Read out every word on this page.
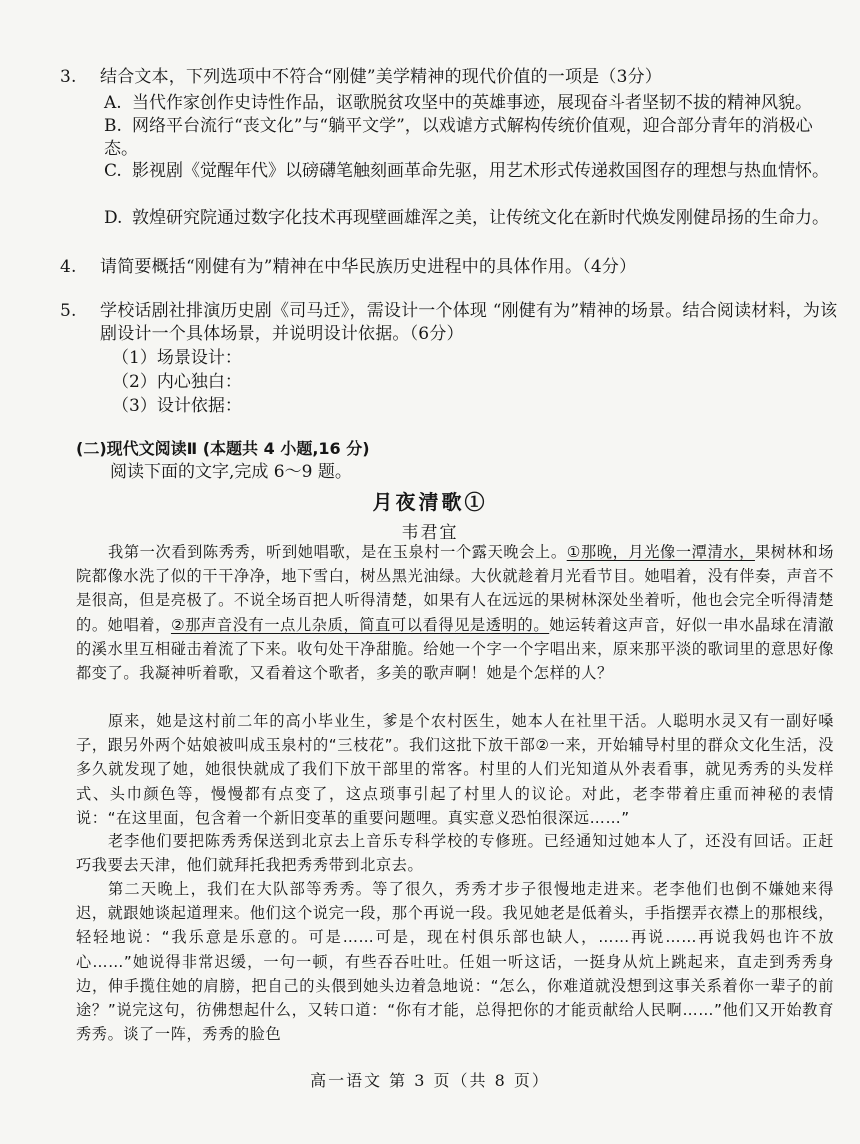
3. 结合文本，下列选项中不符合“刚健”美学精神的现代价值的一项是（3分）
A. 当代作家创作史诗性作品，讴歌脱贫攻坚中的英雄事迹，展现奋斗者坚韧不拔的精神风貌。
B. 网络平台流行“丧文化”与“躺平文学”，以戏谑方式解构传统价值观，迎合部分青年的消极心态。
C. 影视剧《觉醒年代》以磅礴笔触刻画革命先驱，用艺术形式传递救国图存的理想与热血情怀。
D. 敦煌研究院通过数字化技术再现壁画雄浑之美，让传统文化在新时代焕发刚健昂扬的生命力。
4. 请简要概括“刚健有为”精神在中华民族历史进程中的具体作用。（4分）
5. 学校话剧社排演历史剧《司马迁》，需设计一个体现 “刚健有为”精神的场景。结合阅读材料，为该剧设计一个具体场景，并说明设计依据。（6分）
（1）场景设计：
（2）内心独白：
（3）设计依据：
(二)现代文阅读Ⅱ (本题共 4 小题,16 分)
阅读下面的文字,完成 6～9 题。
月夜清歌①
韦君宜
我第一次看到陈秀秀，听到她唱歌，是在玉泉村一个露天晚会上。①那晚，月光像一潭清水，果树林和场院都像水洗了似的干干净净，地下雪白，树丛黑光油绿。大伙就趁着月光看节目。她唱着，没有伴奏，声音不是很高，但是亮极了。不说全场百把人听得清楚，如果有人在远远的果树林深处坐着听，他也会完全听得清楚的。她唱着，②那声音没有一点儿杂质，简直可以看得见是透明的。她运转着这声音，好似一串水晶球在清澈的溪水里互相碰击着流了下来。收句处干净甜脆。给她一个字一个字唱出来，原来那平淡的歌词里的意思好像都变了。我凝神听着歌，又看着这个歌者，多美的歌声啊！她是个怎样的人？
原来，她是这村前二年的高小毕业生，爹是个农村医生，她本人在社里干活。人聪明水灵又有一副好嗓子，跟另外两个姑娘被叫成玉泉村的“三枝花”。我们这批下放干部②一来，开始辅导村里的群众文化生活，没多久就发现了她，她很快就成了我们下放干部里的常客。村里的人们光知道从外表看事，就见秀秀的头发样式、头巾颜色等，慢慢都有点变了，这点琐事引起了村里人的议论。对此，老李带着庄重而神秘的表情说：“在这里面，包含着一个新旧变革的重要问题哩。真实意义恐怕很深远……”
老李他们要把陈秀秀保送到北京去上音乐专科学校的专修班。已经通知过她本人了，还没有回话。正赶巧我要去天津，他们就拜托我把秀秀带到北京去。
第二天晚上，我们在大队部等秀秀。等了很久，秀秀才步子很慢地走进来。老李他们也倒不嫌她来得迟，就跟她谈起道理来。他们这个说完一段，那个再说一段。我见她老是低着头，手指摆弄衣襟上的那根线，轻轻地说：“我乐意是乐意的。可是……可是，现在村俱乐部也缺人，……再说……再说我妈也许不放心……”她说得非常迟缓，一句一顿，有些吞吞吐吐。任姐一听这话，一挺身从炕上跳起来，直走到秀秀身边，伸手揽住她的肩膀，把自己的头偎到她头边着急地说：“怎么，你难道就没想到这事关系着你一辈子的前途？”说完这句，彷佛想起什么，又转口道：“你有才能，总得把你的才能贡献给人民啊……”他们又开始教育秀秀。谈了一阵，秀秀的脸色
高一语文 第 3 页（共 8 页）
